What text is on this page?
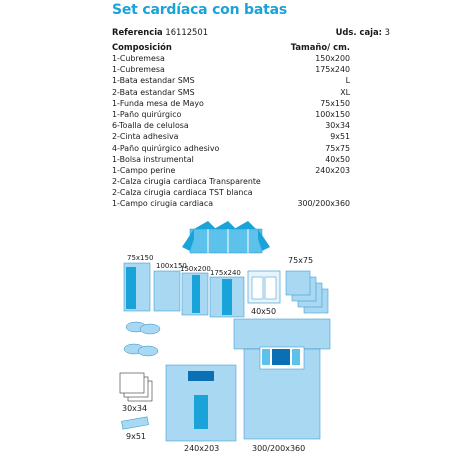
Set cardíaca con batas
Referencia 16112501	Uds. caja: 3
Composición	Tamaño/ cm.
1-Cubremesa	150x200
1-Cubremesa	175x240
1-Bata estandar SMS	L
2-Bata estandar SMS	XL
1-Funda mesa de Mayo	75x150
1-Paño quirúrgico	100x150
6-Toalla de celulosa	30x34
2-Cinta adhesiva	9x51
4-Paño quirúrgico adhesivo	75x75
1-Bolsa instrumental	40x50
1-Campo perine	240x203
2-Calza cirugia cardiaca Transparente
2-Calza cirugia cardiaca TST blanca
1-Campo cirugia cardiaca	300/200x360
75x150
100x150
150x200 175x240
40x50
75x75
30x34
9x51
240x203	300/200x360
